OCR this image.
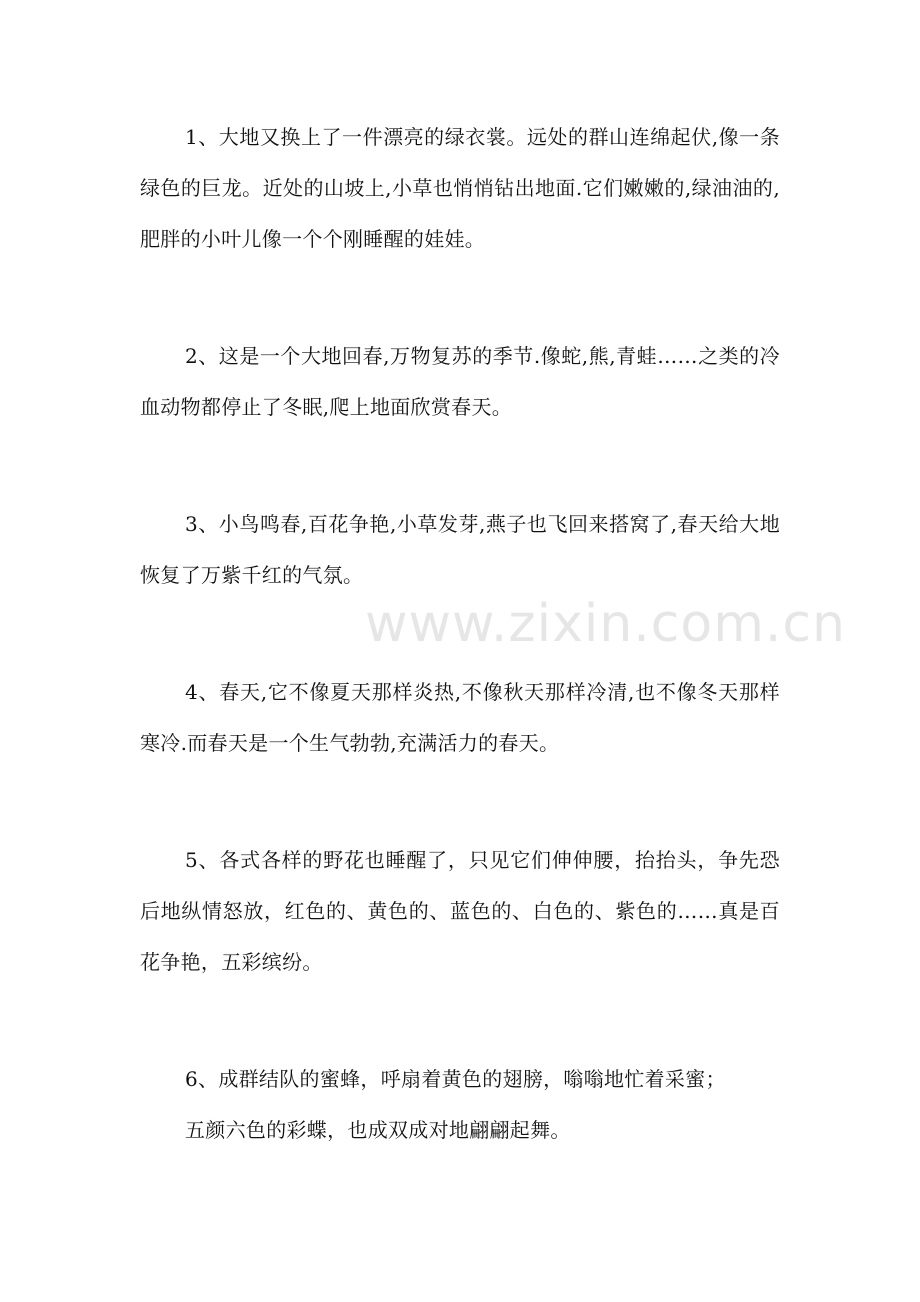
www.zixin.com.cn

1、大地又换上了一件漂亮的绿衣裳。远处的群山连绵起伏,像一条绿色的巨龙。近处的山坡上,小草也悄悄钻出地面.它们嫩嫩的,绿油油的,肥胖的小叶儿像一个个刚睡醒的娃娃。

2、这是一个大地回春,万物复苏的季节.像蛇,熊,青蛙……之类的冷血动物都停止了冬眠,爬上地面欣赏春天。

3、小鸟鸣春,百花争艳,小草发芽,燕子也飞回来搭窝了,春天给大地恢复了万紫千红的气氛。

4、春天,它不像夏天那样炎热,不像秋天那样冷清,也不像冬天那样寒冷.而春天是一个生气勃勃,充满活力的春天。

5、各式各样的野花也睡醒了，只见它们伸伸腰，抬抬头，争先恐后地纵情怒放，红色的、黄色的、蓝色的、白色的、紫色的……真是百花争艳，五彩缤纷。

6、成群结队的蜜蜂，呼扇着黄色的翅膀，嗡嗡地忙着采蜜；
五颜六色的彩蝶，也成双成对地翩翩起舞。
